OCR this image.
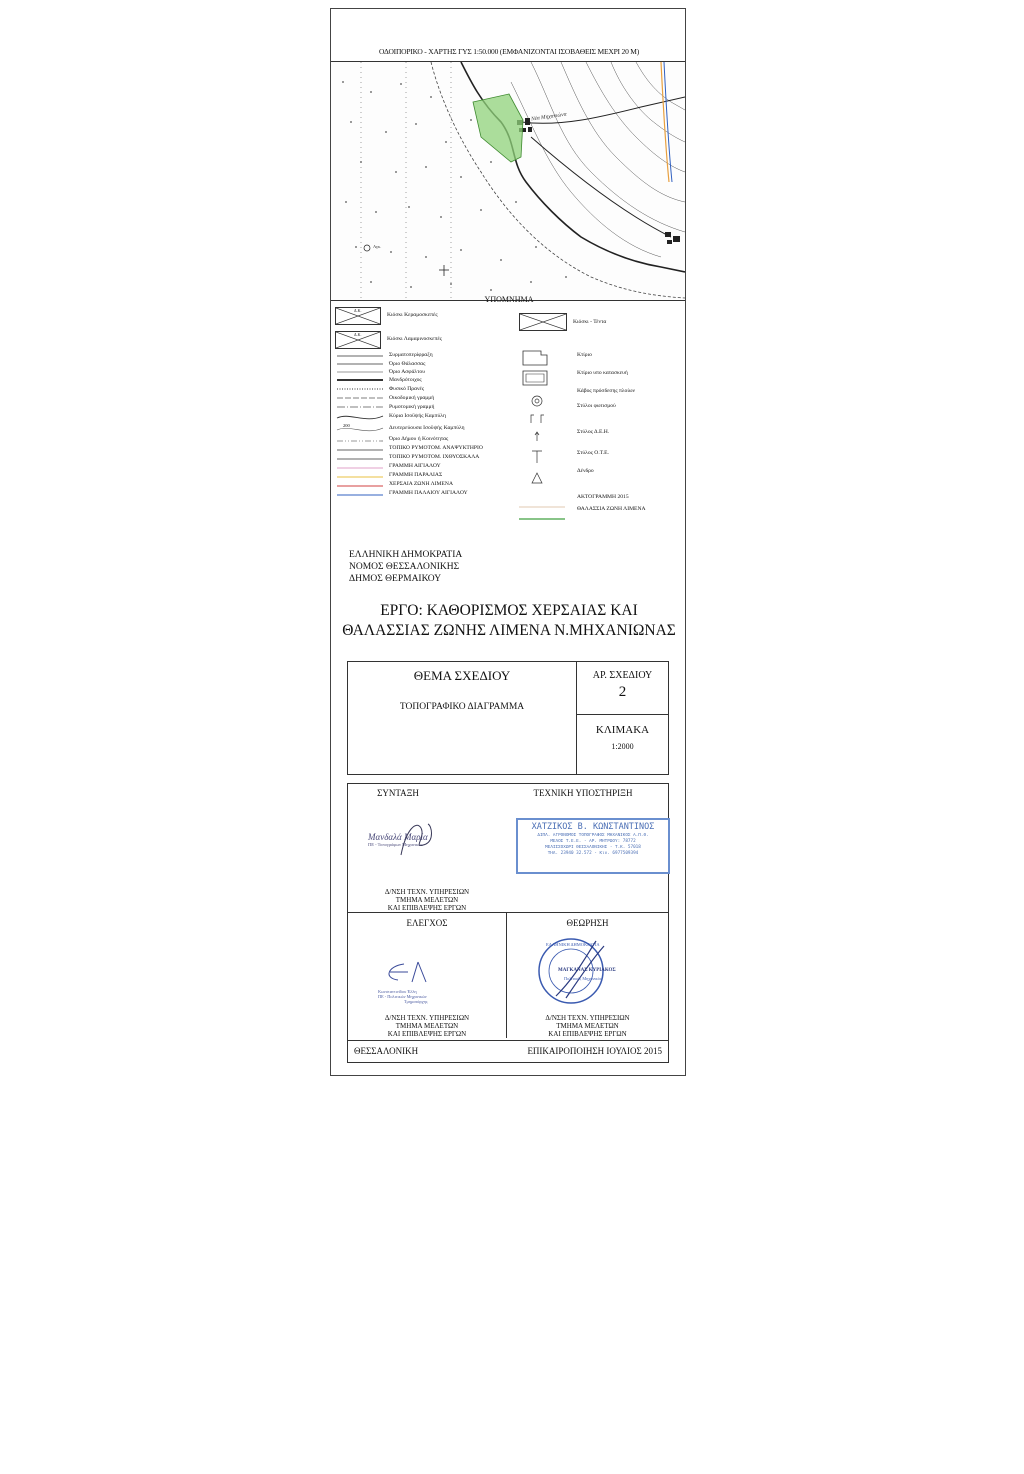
ΟΔΟΙΠΟΡΙΚΟ - ΧΑΡΤΗΣ ΓΥΣ 1:50.000 (ΕΜΦΑΝΙΖΟΝΤΑΙ ΙΣΟΒΑΘΕΙΣ ΜΕΧΡΙ 20 Μ)
Νέα Μηχανιώνα
Αγκ.
ΥΠΟΜΝΗΜΑ
Δ.Κ.
Κιόσκι Κεραμοσκεπές
Κιόσκι - Τέντα
Δ.Κ.
Κιόσκι Λαμαρινοσκεπές
200
Συρματοπερίφραξη
Όριο Θάλασσας
Όριο Ασφάλτου
Μανδρότοιχος
Φυσικό Πρανές
Οικοδομική γραμμή
Ρυμοτομική γραμμή
Κύρια Ισοϋψής Καμπύλη
Δευτερεύουσα Ισοϋψής Καμπύλη
Όριο Δήμου ή Κοινότητας
ΤΟΠΙΚΟ ΡΥΜΟΤΟΜ. ΑΝΑΨΥΚΤΗΡΙΟ
ΤΟΠΙΚΟ ΡΥΜΟΤΟΜ. ΙΧΘΥΟΣΚΑΛΑ
ΓΡΑΜΜΗ ΑΙΓΙΑΛΟΥ
ΓΡΑΜΜΗ ΠΑΡΑΛΙΑΣ
ΧΕΡΣΑΙΑ ΖΩΝΗ ΛΙΜΕΝΑ
ΓΡΑΜΜΗ ΠΑΛΑΙΟΥ ΑΙΓΙΑΛΟΥ
Κτίριο
Κτίριο υπο κατασκευή
Κάβος πρόσδεσης πλοίων
Στύλοι φωτισμού
Στύλος Δ.Ε.Η.
Στύλος Ο.Τ.Ε.
Δένδρο
ΑΚΤΟΓΡΑΜΜΗ 2015
ΘΑΛΑΣΣΙΑ ΖΩΝΗ ΛΙΜΕΝΑ
ΕΛΛΗΝΙΚΗ ΔΗΜΟΚΡΑΤΙΑ
ΝΟΜΟΣ ΘΕΣΣΑΛΟΝΙΚΗΣ
ΔΗΜΟΣ ΘΕΡΜΑΙΚΟΥ
ΕΡΓΟ: ΚΑΘΟΡΙΣΜΟΣ ΧΕΡΣΑΙΑΣ ΚΑΙ
ΘΑΛΑΣΣΙΑΣ ΖΩΝΗΣ ΛΙΜΕΝΑ Ν.ΜΗΧΑΝΙΩΝΑΣ
ΘΕΜΑ ΣΧΕΔΙΟΥ
ΤΟΠΟΓΡΑΦΙΚΟ ΔΙΑΓΡΑΜΜΑ
ΑΡ. ΣΧΕΔΙΟΥ
2
ΚΛΙΜΑΚΑ
1:2000
ΣΥΝΤΑΞΗ	ΤΕΧΝΙΚΗ ΥΠΟΣΤΗΡΙΞΗ
Μανδαλά Μαρία
ΠΕ - Τοπογράφων Μηχανικών
ΧΑΤΖΙΚΟΣ Β. ΚΩΝΣΤΑΝΤΙΝΟΣ
ΔΙΠΛ. ΑΓΡΟΝΟΜΟΣ ΤΟΠΟΓΡΑΦΟΣ ΜΗΧΑΝΙΚΟΣ Α.Π.Θ.
ΜΕΛΟΣ Τ.Ε.Ε. - ΑΡ. ΜΗΤΡΩΟΥ: 78772
ΜΕΛΙΣΣΟΧΩΡΙ ΘΕΣΣΑΛΟΝΙΚΗΣ - Τ.Κ. 57018
ΤΗΛ. 23940 32.572 - Κιν. 6977509394
Δ/ΝΣΗ ΤΕΧΝ. ΥΠΗΡΕΣΙΩΝ
ΤΜΗΜΑ ΜΕΛΕΤΩΝ
ΚΑΙ ΕΠΙΒΛΕΨΗΣ ΕΡΓΩΝ
ΕΛΕΓΧΟΣ	ΘΕΩΡΗΣΗ
Κωνσταντινίδου Έλλη
ΠΕ - Πολιτικών Μηχανικών
Τμηματάρχης
ΕΛΛΗΝΙΚΗ ΔΗΜΟΚΡΑΤΙΑ
ΜΑΓΚΑΝΑΣ ΚΥΡΙΑΚΟΣ
Πολιτικός Μηχανικός
Δ/ΝΣΗ ΤΕΧΝ. ΥΠΗΡΕΣΙΩΝ
ΤΜΗΜΑ ΜΕΛΕΤΩΝ
ΚΑΙ ΕΠΙΒΛΕΨΗΣ ΕΡΓΩΝ
Δ/ΝΣΗ ΤΕΧΝ. ΥΠΗΡΕΣΙΩΝ
ΤΜΗΜΑ ΜΕΛΕΤΩΝ
ΚΑΙ ΕΠΙΒΛΕΨΗΣ ΕΡΓΩΝ
ΘΕΣΣΑΛΟΝΙΚΗ	ΕΠΙΚΑΙΡΟΠΟΙΗΣΗ ΙΟΥΛΙΟΣ 2015
